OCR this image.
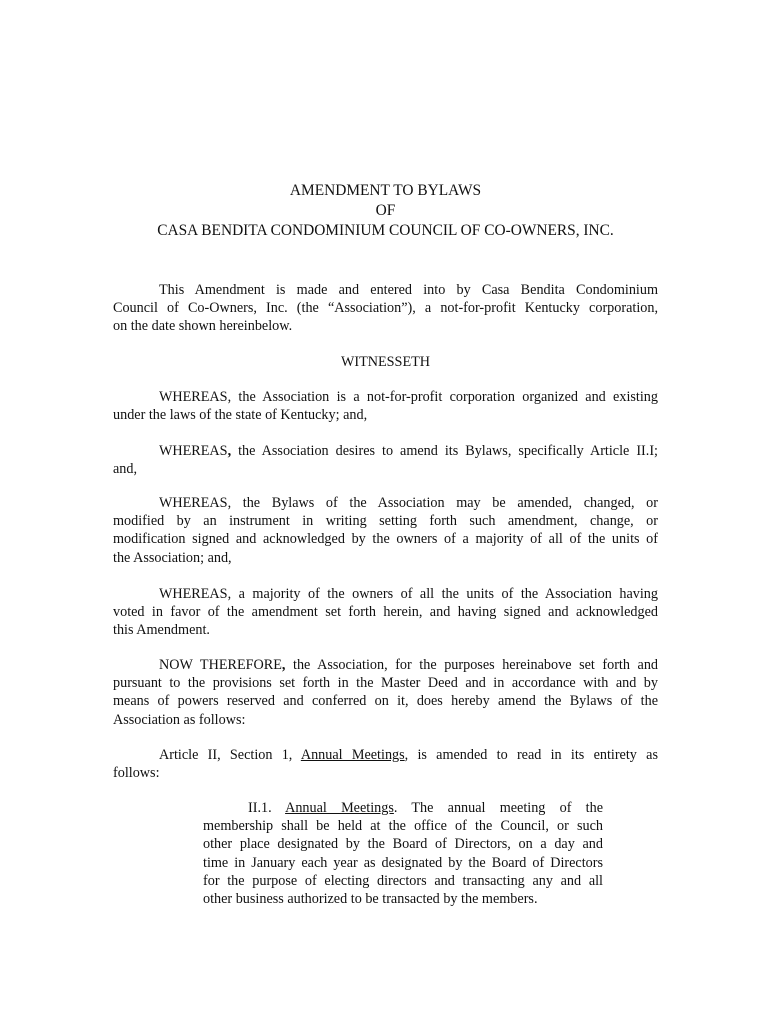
AMENDMENT TO BYLAWS
OF
CASA BENDITA CONDOMINIUM COUNCIL OF CO-OWNERS, INC.
This Amendment is made and entered into by Casa Bendita Condominium
Council of Co-Owners, Inc. (the “Association”), a not-for-profit Kentucky corporation,
on the date shown hereinbelow.
WITNESSETH
WHEREAS, the Association is a not-for-profit corporation organized and existing
under the laws of the state of Kentucky; and,
WHEREAS, the Association desires to amend its Bylaws, specifically Article II.I;
and,
WHEREAS, the Bylaws of the Association may be amended, changed, or
modified by an instrument in writing setting forth such amendment, change, or
modification signed and acknowledged by the owners of a majority of all of the units of
the Association; and,
WHEREAS, a majority of the owners of all the units of the Association having
voted in favor of the amendment set forth herein, and having signed and acknowledged
this Amendment.
NOW THEREFORE, the Association, for the purposes hereinabove set forth and
pursuant to the provisions set forth in the Master Deed and in accordance with and by
means of powers reserved and conferred on it, does hereby amend the Bylaws of the
Association as follows:
Article II, Section 1, Annual Meetings, is amended to read in its entirety as
follows:
II.1. Annual Meetings. The annual meeting of the
membership shall be held at the office of the Council, or such
other place designated by the Board of Directors, on a day and
time in January each year as designated by the Board of Directors
for the purpose of electing directors and transacting any and all
other business authorized to be transacted by the members.
